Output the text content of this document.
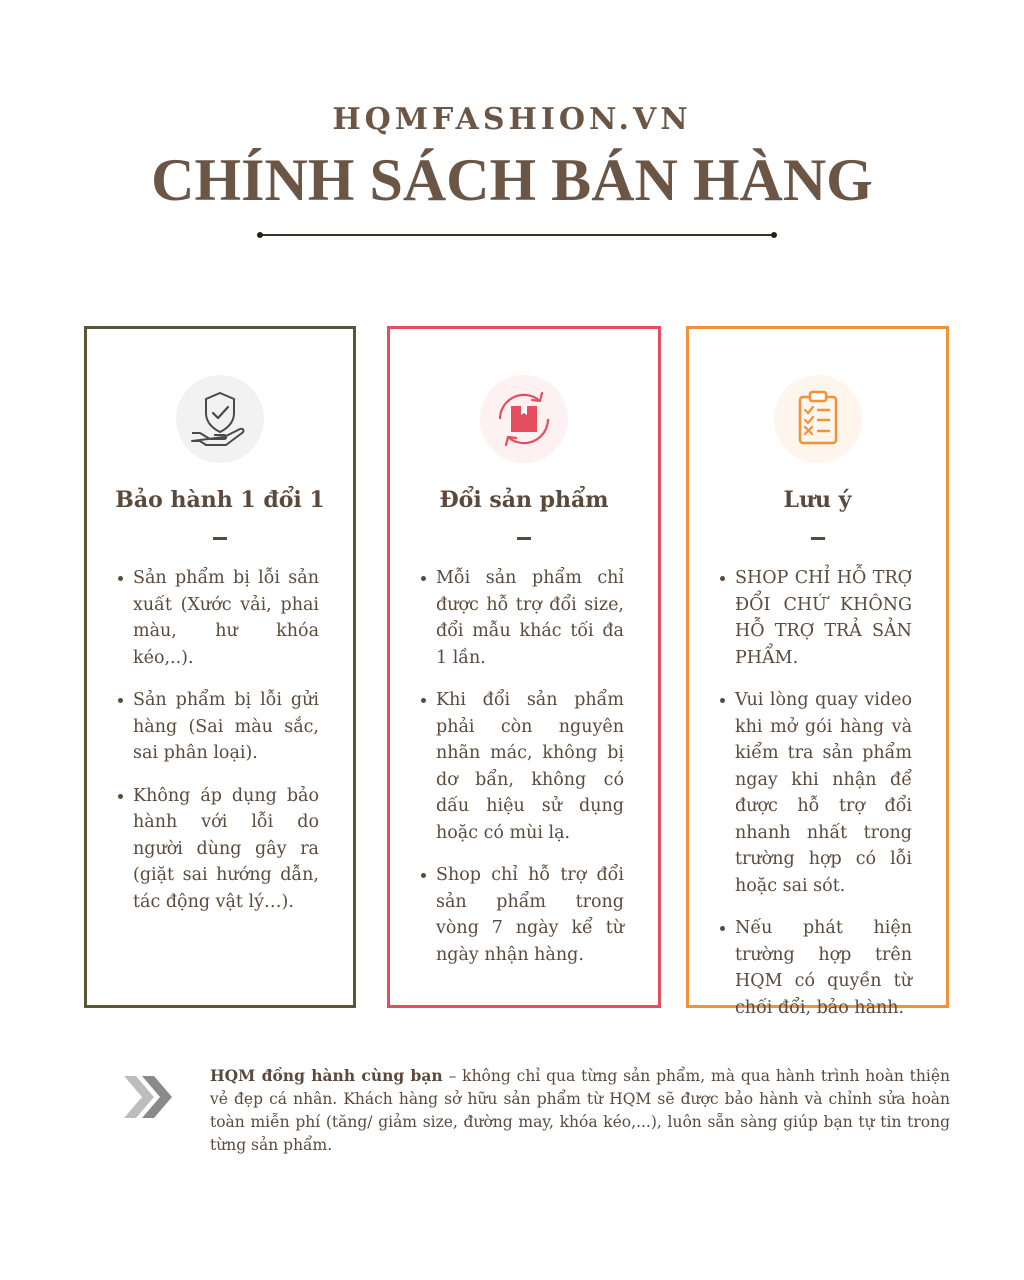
HQMFASHION.VN
CHÍNH SÁCH BÁN HÀNG
Bảo hành 1 đổi 1
Sản phẩm bị lỗi sản xuất (Xước vải, phai màu, hư khóa kéo,..).
Sản phẩm bị lỗi gửi hàng (Sai màu sắc, sai phân loại).
Không áp dụng bảo hành với lỗi do người dùng gây ra (giặt sai hướng dẫn, tác động vật lý…).
Đổi sản phẩm
Mỗi sản phẩm chỉ được hỗ trợ đổi size, đổi mẫu khác tối đa 1 lần.
Khi đổi sản phẩm phải còn nguyên nhãn mác, không bị dơ bẩn, không có dấu hiệu sử dụng hoặc có mùi lạ.
Shop chỉ hỗ trợ đổi sản phẩm trong vòng 7 ngày kể từ ngày nhận hàng.
Lưu ý
SHOP CHỈ HỖ TRỢ ĐỔI CHỨ KHÔNG HỖ TRỢ TRẢ SẢN PHẨM.
Vui lòng quay video khi mở gói hàng và kiểm tra sản phẩm ngay khi nhận để được hỗ trợ đổi nhanh nhất trong trường hợp có lỗi hoặc sai sót.
Nếu phát hiện trường hợp trên HQM có quyền từ chối đổi, bảo hành.
HQM đồng hành cùng bạn – không chỉ qua từng sản phẩm, mà qua hành trình hoàn thiện vẻ đẹp cá nhân. Khách hàng sở hữu sản phẩm từ HQM sẽ được bảo hành và chỉnh sửa hoàn toàn miễn phí (tăng/ giảm size, đường may, khóa kéo,...), luôn sẵn sàng giúp bạn tự tin trong từng sản phẩm.
